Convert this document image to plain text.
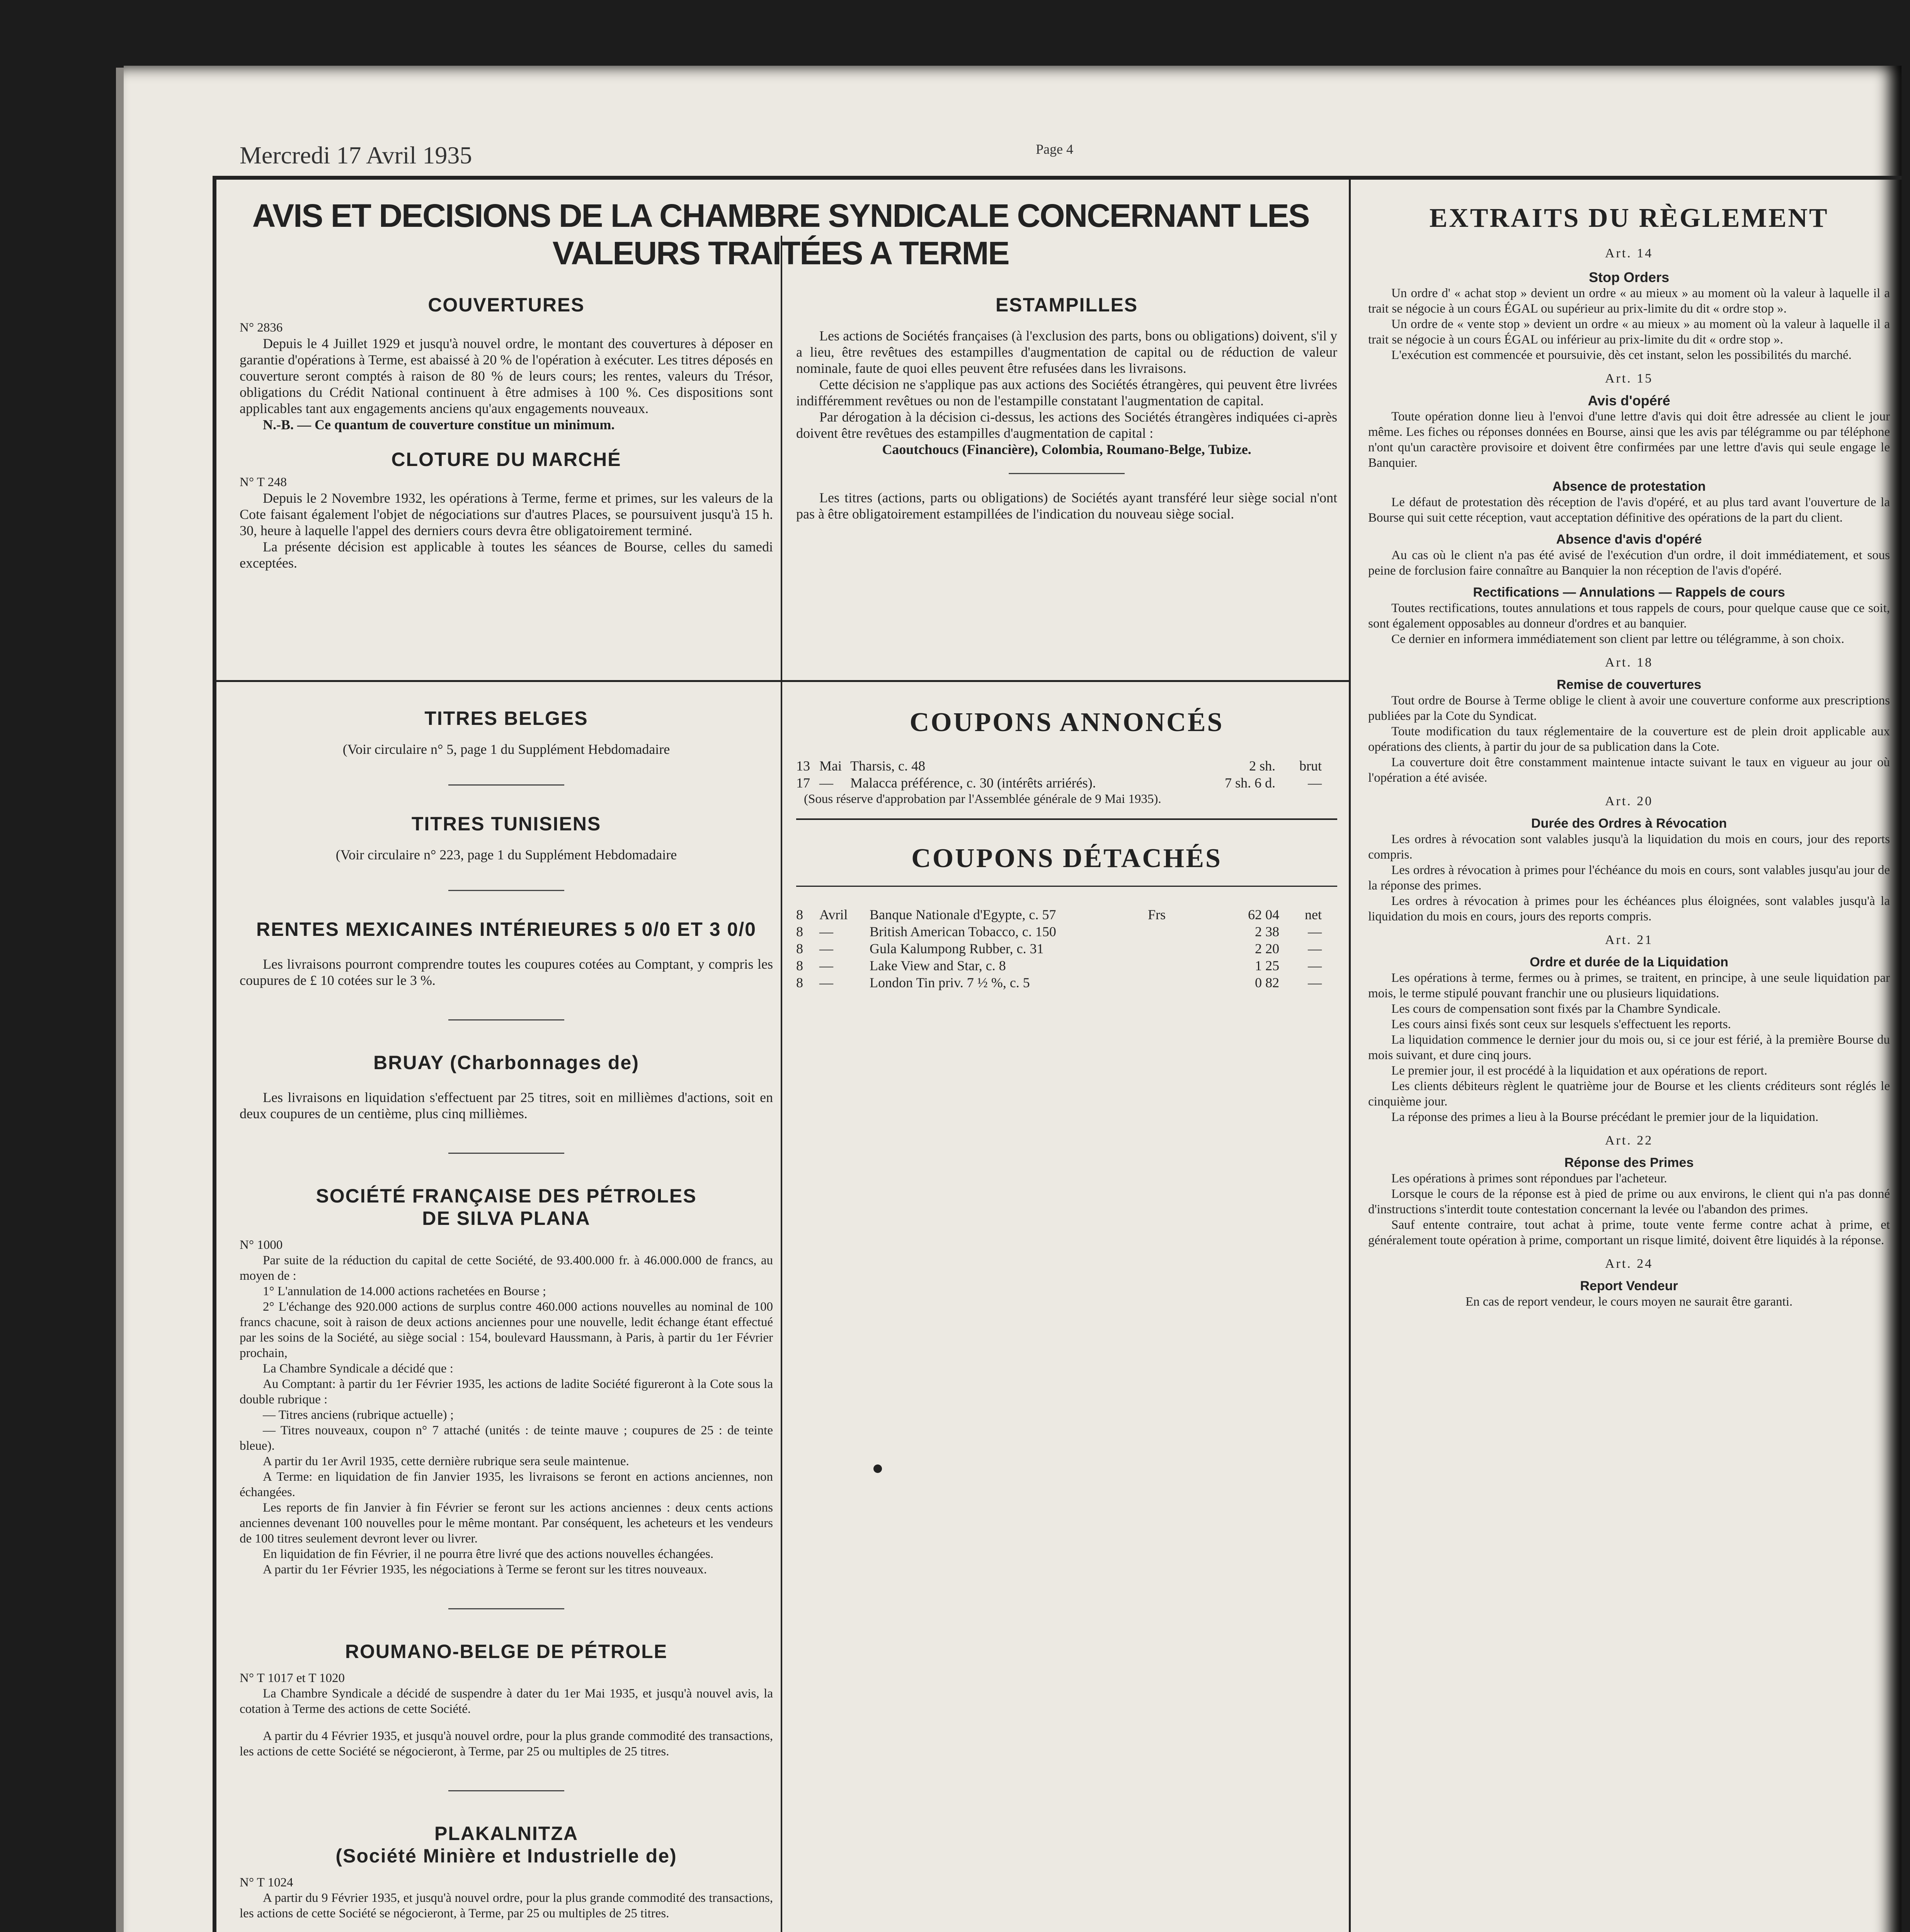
Mercredi 17 Avril 1935	Page 4
AVIS ET DECISIONS DE LA CHAMBRE SYNDICALE CONCERNANT LES VALEURS TRAITÉES A TERME
COUVERTURES
N° 2836
Depuis le 4 Juillet 1929 et jusqu'à nouvel ordre, le montant des couvertures à déposer en garantie d'opérations à Terme, est abaissé à 20 % de l'opération à exécuter. Les titres déposés en couverture seront comptés à raison de 80 % de leurs cours; les rentes, valeurs du Trésor, obligations du Crédit National continuent à être admises à 100 %. Ces dispositions sont applicables tant aux engagements anciens qu'aux engagements nouveaux.
N.-B. — Ce quantum de couverture constitue un minimum.
CLOTURE DU MARCHÉ
N° T 248
Depuis le 2 Novembre 1932, les opérations à Terme, ferme et primes, sur les valeurs de la Cote faisant également l'objet de négociations sur d'autres Places, se poursuivent jusqu'à 15 h. 30, heure à laquelle l'appel des derniers cours devra être obligatoirement terminé.
La présente décision est applicable à toutes les séances de Bourse, celles du samedi exceptées.
ESTAMPILLES
Les actions de Sociétés françaises (à l'exclusion des parts, bons ou obligations) doivent, s'il y a lieu, être revêtues des estampilles d'augmentation de capital ou de réduction de valeur nominale, faute de quoi elles peuvent être refusées dans les livraisons.
Cette décision ne s'applique pas aux actions des Sociétés étrangères, qui peuvent être livrées indifféremment revêtues ou non de l'estampille constatant l'augmentation de capital.
Par dérogation à la décision ci-dessus, les actions des Sociétés étrangères indiquées ci-après doivent être revêtues des estampilles d'augmentation de capital :
Caoutchoucs (Financière), Colombia, Roumano-Belge, Tubize.
Les titres (actions, parts ou obligations) de Sociétés ayant transféré leur siège social n'ont pas à être obligatoirement estampillées de l'indication du nouveau siège social.
TITRES BELGES
(Voir circulaire n° 5, page 1 du Supplément Hebdomadaire
TITRES TUNISIENS
(Voir circulaire n° 223, page 1 du Supplément Hebdomadaire
RENTES MEXICAINES INTÉRIEURES 5 0/0 ET 3 0/0
Les livraisons pourront comprendre toutes les coupures cotées au Comptant, y compris les coupures de £ 10 cotées sur le 3 %.
BRUAY (Charbonnages de)
Les livraisons en liquidation s'effectuent par 25 titres, soit en millièmes d'actions, soit en deux coupures de un centième, plus cinq millièmes.
SOCIÉTÉ FRANÇAISE DES PÉTROLES
DE SILVA PLANA
N° 1000
Par suite de la réduction du capital de cette Société, de 93.400.000 fr. à 46.000.000 de francs, au moyen de :
1° L'annulation de 14.000 actions rachetées en Bourse ;
2° L'échange des 920.000 actions de surplus contre 460.000 actions nouvelles au nominal de 100 francs chacune, soit à raison de deux actions anciennes pour une nouvelle, ledit échange étant effectué par les soins de la Société, au siège social : 154, boulevard Haussmann, à Paris, à partir du 1er Février prochain,
La Chambre Syndicale a décidé que :
Au Comptant: à partir du 1er Février 1935, les actions de ladite Société figureront à la Cote sous la double rubrique :
— Titres anciens (rubrique actuelle) ;
— Titres nouveaux, coupon n° 7 attaché (unités : de teinte mauve ; coupures de 25 : de teinte bleue).
A partir du 1er Avril 1935, cette dernière rubrique sera seule maintenue.
A Terme: en liquidation de fin Janvier 1935, les livraisons se feront en actions anciennes, non échangées.
Les reports de fin Janvier à fin Février se feront sur les actions anciennes : deux cents actions anciennes devenant 100 nouvelles pour le même montant. Par conséquent, les acheteurs et les vendeurs de 100 titres seulement devront lever ou livrer.
En liquidation de fin Février, il ne pourra être livré que des actions nouvelles échangées.
A partir du 1er Février 1935, les négociations à Terme se feront sur les titres nouveaux.
ROUMANO-BELGE DE PÉTROLE
N° T 1017 et T 1020
La Chambre Syndicale a décidé de suspendre à dater du 1er Mai 1935, et jusqu'à nouvel avis, la cotation à Terme des actions de cette Société.
A partir du 4 Février 1935, et jusqu'à nouvel ordre, pour la plus grande commodité des transactions, les actions de cette Société se négocieront, à Terme, par 25 ou multiples de 25 titres.
PLAKALNITZA
(Société Minière et Industrielle de)
N° T 1024
A partir du 9 Février 1935, et jusqu'à nouvel ordre, pour la plus grande commodité des transactions, les actions de cette Société se négocieront, à Terme, par 25 ou multiples de 25 titres.
COUPONS ANNONCÉS
13 Mai Tharsis, c. 48	2 sh.	brut
17 —	Malacca préférence, c. 30 (intérêts arriérés).	7 sh. 6 d.	—
(Sous réserve d'approbation par l'Assemblée générale de 9 Mai 1935).
COUPONS DÉTACHÉS
8	Avril	Banque Nationale d'Egypte, c. 57	Frs	62 04	net
8	—	British American Tobacco, c. 150	2 38	—
8	—	Gula Kalumpong Rubber, c. 31	2 20	—
8	—	Lake View and Star, c. 8	1 25	—
8	—	London Tin priv. 7 ½ %, c. 5	0 82	—
EXTRAITS DU RÈGLEMENT
Art. 14
Stop Orders
Un ordre d' « achat stop » devient un ordre « au mieux » au moment où la valeur à laquelle il a trait se négocie à un cours ÉGAL ou supérieur au prix-limite du dit « ordre stop ».
Un ordre de « vente stop » devient un ordre « au mieux » au moment où la valeur à laquelle il a trait se négocie à un cours ÉGAL ou inférieur au prix-limite du dit « ordre stop ».
L'exécution est commencée et poursuivie, dès cet instant, selon les possibilités du marché.
Art. 15
Avis d'opéré
Toute opération donne lieu à l'envoi d'une lettre d'avis qui doit être adressée au client le jour même. Les fiches ou réponses données en Bourse, ainsi que les avis par télégramme ou par téléphone n'ont qu'un caractère provisoire et doivent être confirmées par une lettre d'avis qui seule engage le Banquier.
Absence de protestation
Le défaut de protestation dès réception de l'avis d'opéré, et au plus tard avant l'ouverture de la Bourse qui suit cette réception, vaut acceptation définitive des opérations de la part du client.
Absence d'avis d'opéré
Au cas où le client n'a pas été avisé de l'exécution d'un ordre, il doit immédiatement, et sous peine de forclusion faire connaître au Banquier la non réception de l'avis d'opéré.
Rectifications — Annulations — Rappels de cours
Toutes rectifications, toutes annulations et tous rappels de cours, pour quelque cause que ce soit, sont également opposables au donneur d'ordres et au banquier.
Ce dernier en informera immédiatement son client par lettre ou télégramme, à son choix.
Art. 18
Remise de couvertures
Tout ordre de Bourse à Terme oblige le client à avoir une couverture conforme aux prescriptions publiées par la Cote du Syndicat.
Toute modification du taux réglementaire de la couverture est de plein droit applicable aux opérations des clients, à partir du jour de sa publication dans la Cote.
La couverture doit être constamment maintenue intacte suivant le taux en vigueur au jour où l'opération a été avisée.
Art. 20
Durée des Ordres à Révocation
Les ordres à révocation sont valables jusqu'à la liquidation du mois en cours, jour des reports compris.
Les ordres à révocation à primes pour l'échéance du mois en cours, sont valables jusqu'au jour de la réponse des primes.
Les ordres à révocation à primes pour les échéances plus éloignées, sont valables jusqu'à la liquidation du mois en cours, jours des reports compris.
Art. 21
Ordre et durée de la Liquidation
Les opérations à terme, fermes ou à primes, se traitent, en principe, à une seule liquidation par mois, le terme stipulé pouvant franchir une ou plusieurs liquidations.
Les cours de compensation sont fixés par la Chambre Syndicale.
Les cours ainsi fixés sont ceux sur lesquels s'effectuent les reports.
La liquidation commence le dernier jour du mois ou, si ce jour est férié, à la première Bourse du mois suivant, et dure cinq jours.
Le premier jour, il est procédé à la liquidation et aux opérations de report.
Les clients débiteurs règlent le quatrième jour de Bourse et les clients créditeurs sont réglés le cinquième jour.
La réponse des primes a lieu à la Bourse précédant le premier jour de la liquidation.
Art. 22
Réponse des Primes
Les opérations à primes sont répondues par l'acheteur.
Lorsque le cours de la réponse est à pied de prime ou aux environs, le client qui n'a pas donné d'instructions s'interdit toute contestation concernant la levée ou l'abandon des primes.
Sauf entente contraire, tout achat à prime, toute vente ferme contre achat à prime, et généralement toute opération à prime, comportant un risque limité, doivent être liquidés à la réponse.
Art. 24
Report Vendeur
En cas de report vendeur, le cours moyen ne saurait être garanti.
